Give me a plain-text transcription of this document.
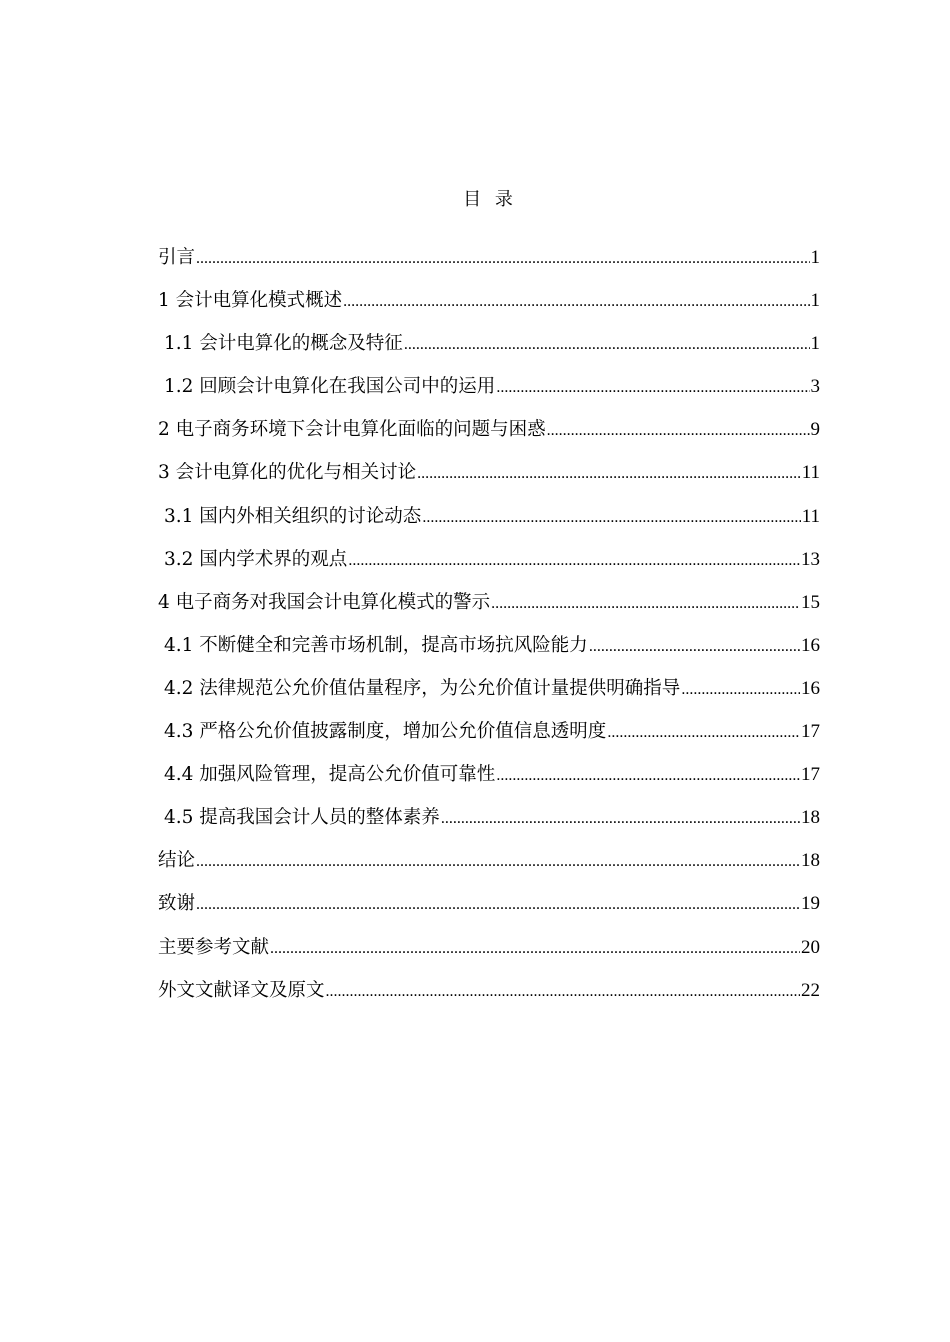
目 录
引言 .....	1
1 会计电算化模式概述 .....	1
1.1 会计电算化的概念及特征 .....	1
1.2 回顾会计电算化在我国公司中的运用 .....	3
2 电子商务环境下会计电算化面临的问题与困惑 .....	9
3 会计电算化的优化与相关讨论 .....	11
3.1 国内外相关组织的讨论动态 .....	11
3.2 国内学术界的观点 .....	13
4 电子商务对我国会计电算化模式的警示 .....	15
4.1 不断健全和完善市场机制，提高市场抗风险能力 .....	16
4.2 法律规范公允价值估量程序，为公允价值计量提供明确指导 .....	16
4.3 严格公允价值披露制度，增加公允价值信息透明度 .....	17
4.4 加强风险管理，提高公允价值可靠性 .....	17
4.5 提高我国会计人员的整体素养 .....	18
结论 .....	18
致谢 .....	19
主要参考文献 .....	20
外文文献译文及原文 .....	22
